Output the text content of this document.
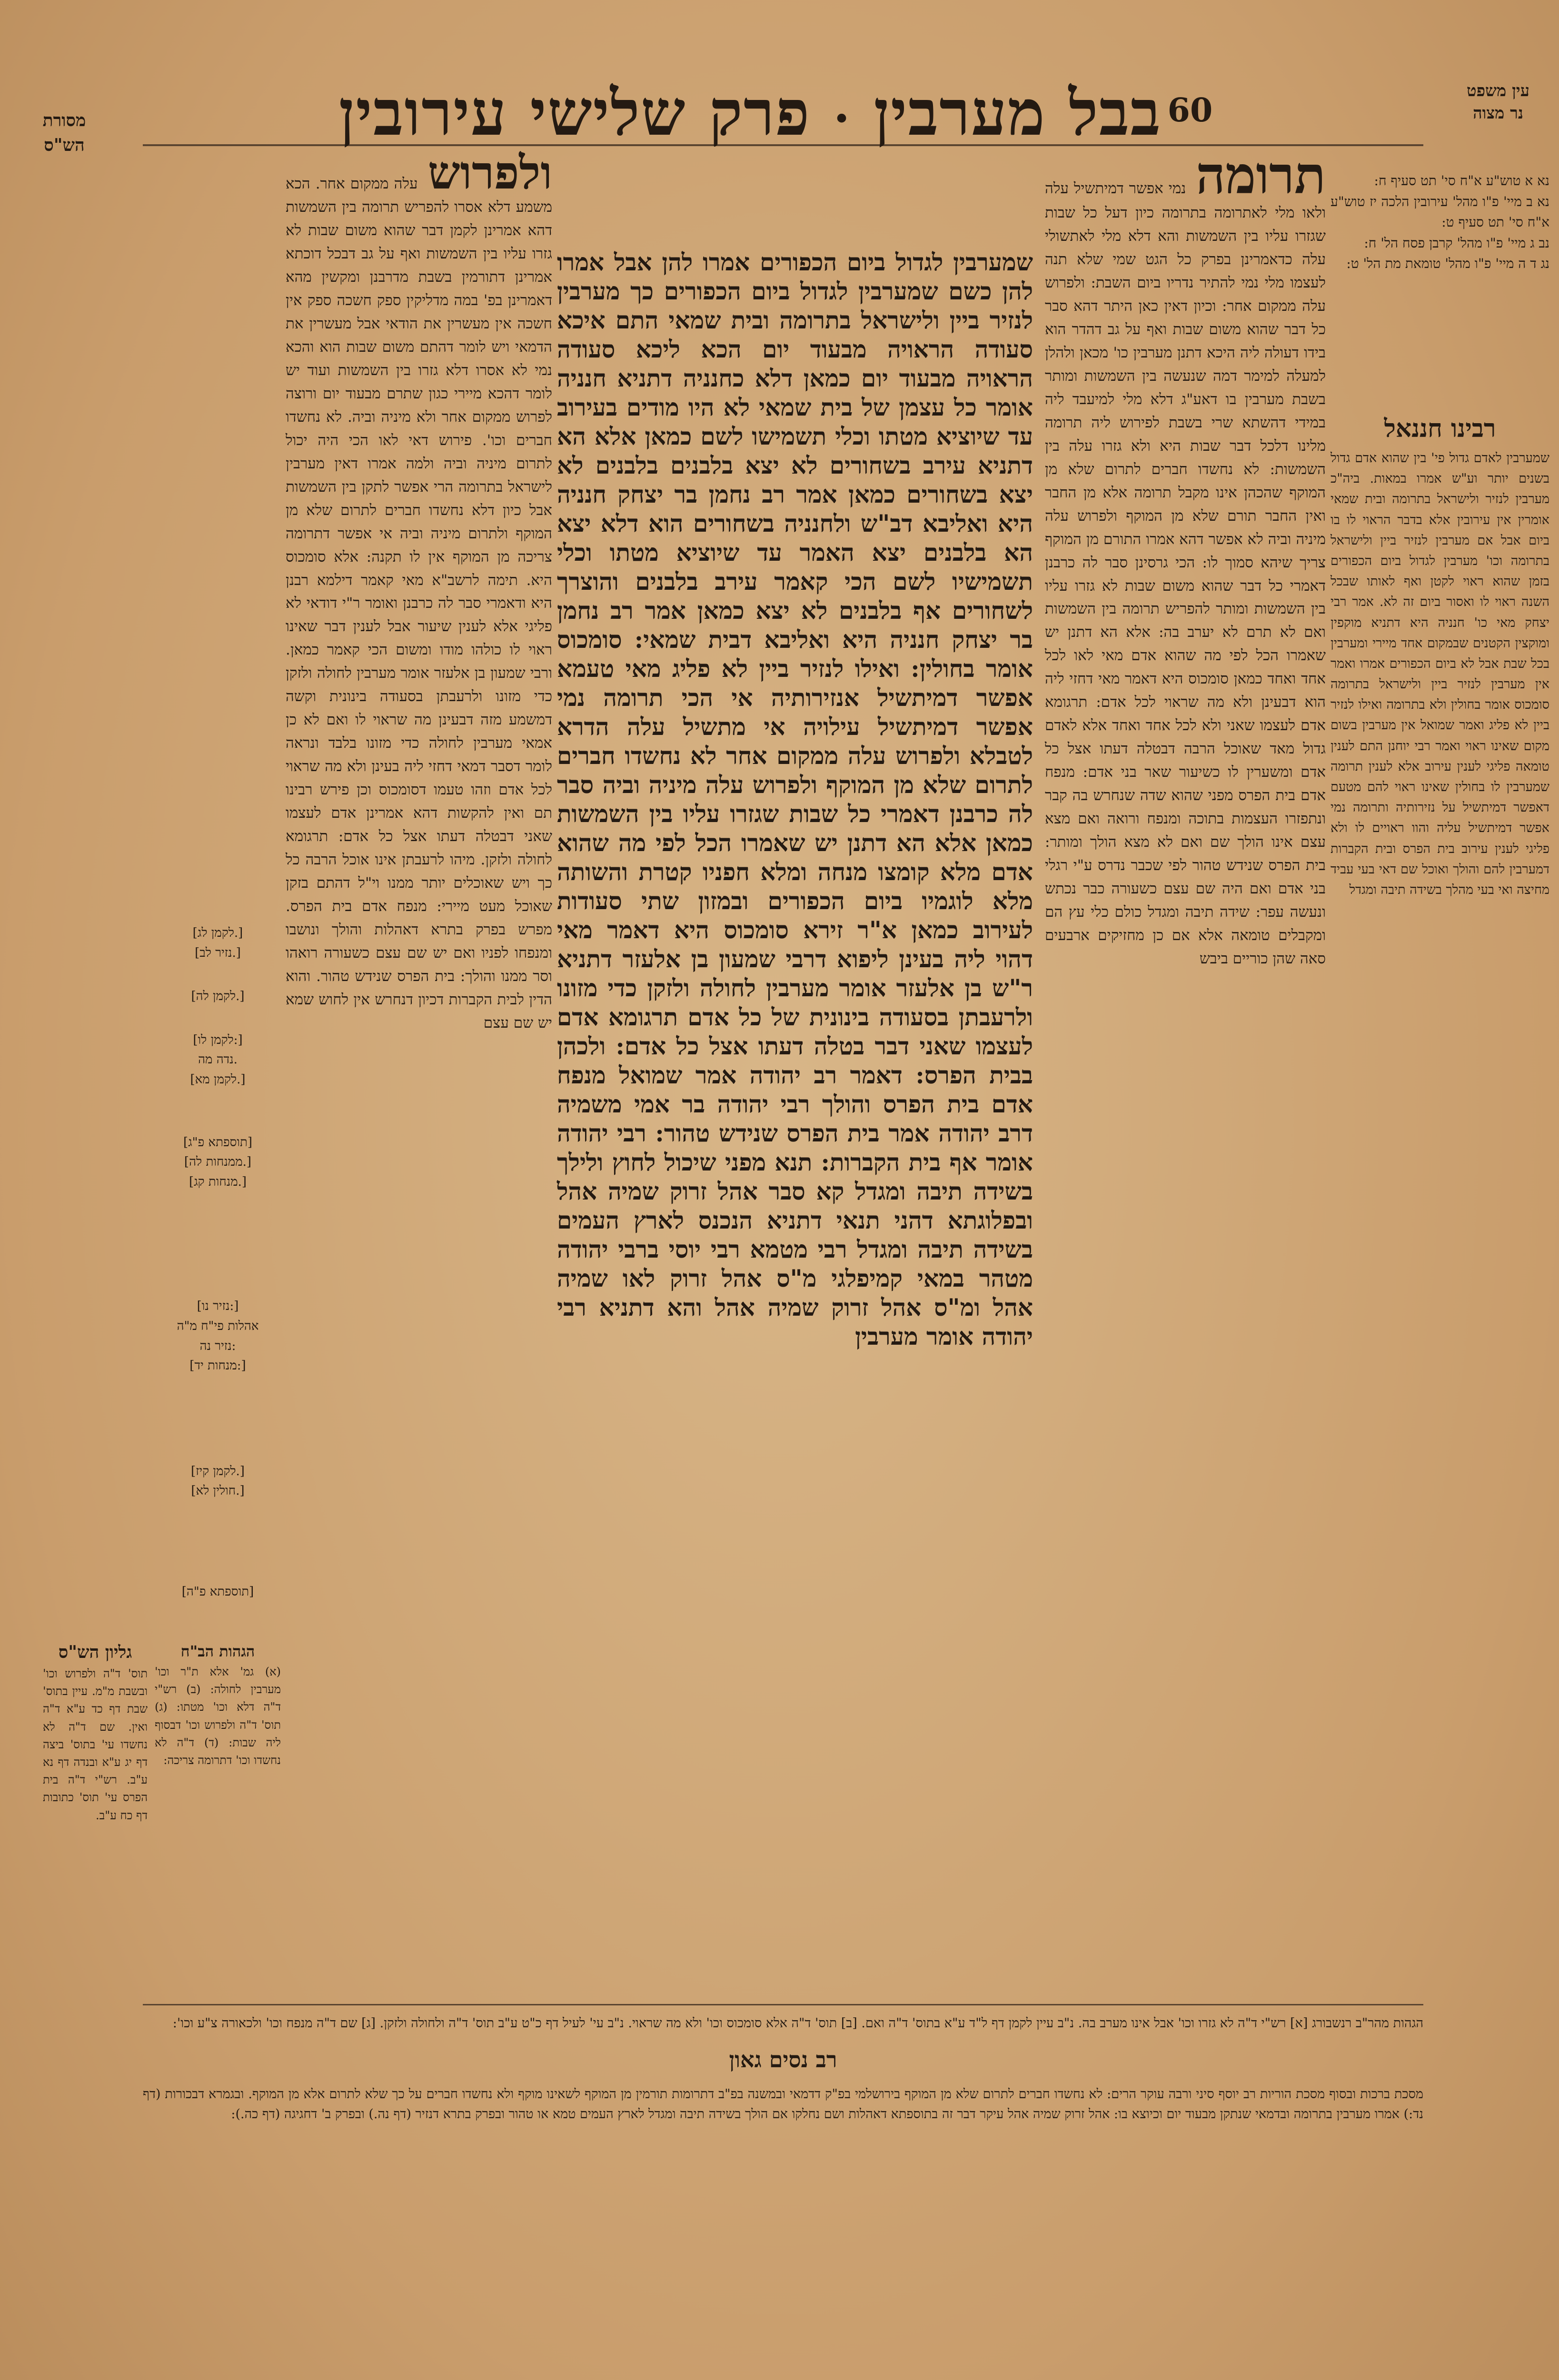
עין משפט
נר מצוה

60
בבל מערבין · פרק שלישי עירובין

מסורת
הש"ס

נא א טוש"ע א"ח סי' תט סעיף ח:
נא ב מיי' פ"ו מהל' עירובין הלכה יז טוש"ע א"ח סי' תט סעיף ט:
נב ג מיי' פ"ו מהל' קרבן פסח הל' ח:
נג ד ה מיי' פ"ו מהל' טומאת מת הל' ט:

רבינו חננאל
שמערבין לאדם גדול פי' בין שהוא אדם גדול בשנים יותר וע"ש אמרו במאות. ביה"כ מערבין לנזיר ולישראל בתרומה ובית שמאי אומרין אין עירובין אלא בדבר הראוי לו בו ביום אבל אם מערבין לנזיר ביין ולישראל בתרומה וכו' מערבין לגדול ביום הכפורים בזמן שהוא ראוי לקטן ואף לאותו שבכל השנה ראוי לו ואסור ביום זה לא. אמר רבי יצחק מאי כו' חנניה היא דתניא מוקפין ומוקצין הקטנים שבמקום אחד מיירי ומערבין בכל שבת אבל לא ביום הכפורים אמרו ואמר אין מערבין לנזיר ביין ולישראל בתרומה סומכוס אומר בחולין ולא בתרומה ואילו לנזיר ביין לא פליג ואמר שמואל אין מערבין בשום מקום שאינו ראוי ואמר רבי יוחנן התם לענין טומאה פליגי לענין עירוב אלא לענין תרומה שמערבין לו בחולין שאינו ראוי להם מטעם דאפשר דמיתשיל על נזירותיה ותרומה נמי אפשר דמיתשיל עליה והוו ראויים לו ולא פליגי לענין עירוב בית הפרס ובית הקברות דמערבין להם והולך ואוכל שם דאי בעי עביד מחיצה ואי בעי מהלך בשידה תיבה ומגדל
תרומה נמי אפשר דמיתשיל עלה ולאו מלי לאתרומה בתרומה כיון דעל כל שבות שגזרו עליו בין השמשות והא דלא מלי לאתשולי עלה כדאמרינן בפרק כל הגט שמי שלא תנה לעצמו מלי נמי להתיר נדריו ביום השבת: ולפרוש עלה ממקום אחר: וכיון דאין כאן היתר דהא סבר כל דבר שהוא משום שבות ואף על גב דהדר הוא בידו דעולה ליה היכא דתנן מערבין כו' מכאן ולהלן למעלה למימר דמה שנעשה בין השמשות ומותר בשבת מערבין בו דאע"ג דלא מלי למיעבד ליה במידי דהשתא שרי בשבת לפירוש ליה תרומה מלינו דלכל דבר שבות היא ולא גזרו עלה בין השמשות: לא נחשדו חברים לתרום שלא מן המוקף שהכהן אינו מקבל תרומה אלא מן החבר ואין החבר תורם שלא מן המוקף ולפרוש עלה מיניה וביה לא אפשר דהא אמרו התורם מן המוקף צריך שיהא סמוך לו: הכי גרסינן סבר לה כרבנן דאמרי כל דבר שהוא משום שבות לא גזרו עליו בין השמשות ומותר להפריש תרומה בין השמשות ואם לא תרם לא יערב בה: אלא הא דתנן יש שאמרו הכל לפי מה שהוא אדם מאי לאו לכל אחד ואחד כמאן סומכוס היא דאמר מאי דחזי ליה הוא דבעינן ולא מה שראוי לכל אדם: תרגומא אדם לעצמו שאני ולא לכל אחד ואחד אלא לאדם גדול מאד שאוכל הרבה דבטלה דעתו אצל כל אדם ומשערין לו כשיעור שאר בני אדם: מנפח אדם בית הפרס מפני שהוא שדה שנחרש בה קבר ונתפזרו העצמות בתוכה ומנפח ורואה ואם מצא עצם אינו הולך שם ואם לא מצא הולך ומותר: בית הפרס שנידש טהור לפי שכבר נדרס ע"י רגלי בני אדם ואם היה שם עצם כשעורה כבר נכתש ונעשה עפר: שידה תיבה ומגדל כולם כלי עץ הם ומקבלים טומאה אלא אם כן מחזיקים ארבעים סאה שהן כוריים ביבש
שמערבין לגדול ביום הכפורים אמרו להן אבל אמרו להן כשם שמערבין לגדול ביום הכפורים כך מערבין לנזיר ביין ולישראל בתרומה ובית שמאי התם איכא סעודה הראויה מבעוד יום הכא ליכא סעודה הראויה מבעוד יום כמאן דלא כחנניה דתניא חנניה אומר כל עצמן של בית שמאי לא היו מודים בעירוב עד שיוציא מטתו וכלי תשמישו לשם כמאן אלא הא דתניא עירב בשחורים לא יצא בלבנים בלבנים לא יצא בשחורים כמאן אמר רב נחמן בר יצחק חנניה היא ואליבא דב"ש ולחנניה בשחורים הוא דלא יצא הא בלבנים יצא האמר עד שיוציא מטתו וכלי תשמישיו לשם הכי קאמר עירב בלבנים והוצרך לשחורים אף בלבנים לא יצא כמאן אמר רב נחמן בר יצחק חנניה היא ואליבא דבית שמאי: סומכוס אומר בחולין: ואילו לנזיר ביין לא פליג מאי טעמא אפשר דמיתשיל אנזירותיה אי הכי תרומה נמי אפשר דמיתשיל עילויה אי מתשיל עלה הדרא לטבלא ולפרוש עלה ממקום אחר לא נחשדו חברים לתרום שלא מן המוקף ולפרוש עלה מיניה וביה סבר לה כרבנן דאמרי כל שבות שגזרו עליו בין השמשות כמאן אלא הא דתנן יש שאמרו הכל לפי מה שהוא אדם מלא קומצו מנחה ומלא חפניו קטרת והשותה מלא לוגמיו ביום הכפורים ובמזון שתי סעודות לעירוב כמאן א"ר זירא סומכוס היא דאמר מאי דהוי ליה בעינן ליפוא דרבי שמעון בן אלעזר דתניא ר"ש בן אלעזר אומר מערבין לחולה ולזקן כדי מזונו ולרעבתן בסעודה בינונית של כל אדם תרגומא אדם לעצמו שאני דבר בטלה דעתו אצל כל אדם: ולכהן בבית הפרס: דאמר רב יהודה אמר שמואל מנפח אדם בית הפרס והולך רבי יהודה בר אמי משמיה דרב יהודה אמר בית הפרס שנידש טהור: רבי יהודה אומר אף בית הקברות: תנא מפני שיכול לחוץ ולילך בשידה תיבה ומגדל קא סבר אהל זרוק שמיה אהל ובפלוגתא דהני תנאי דתניא הנכנס לארץ העמים בשידה תיבה ומגדל רבי מטמא רבי יוסי ברבי יהודה מטהר במאי קמיפלגי מ"ס אהל זרוק לאו שמיה אהל ומ"ס אהל זרוק שמיה אהל והא דתניא רבי יהודה אומר מערבין
ולפרוש עלה ממקום אחר. הכא משמע דלא אסרו להפריש תרומה בין השמשות דהא אמרינן לקמן דבר שהוא משום שבות לא גזרו עליו בין השמשות ואף על גב דבכל דוכתא אמרינן דתורמין בשבת מדרבנן ומקשין מהא דאמרינן בפ' במה מדליקין ספק חשכה ספק אין חשכה אין מעשרין את הודאי אבל מעשרין את הדמאי ויש לומר דהתם משום שבות הוא והכא נמי לא אסרו דלא גזרו בין השמשות ועוד יש לומר דהכא מיירי כגון שתרם מבעוד יום ורוצה לפרוש ממקום אחר ולא מיניה וביה. לא נחשדו חברים וכו'. פירוש דאי לאו הכי היה יכול לתרום מיניה וביה ולמה אמרו דאין מערבין לישראל בתרומה הרי אפשר לתקן בין השמשות אבל כיון דלא נחשדו חברים לתרום שלא מן המוקף ולתרום מיניה וביה אי אפשר דתרומה צריכה מן המוקף אין לו תקנה: אלא סומכוס היא. תימה לרשב"א מאי קאמר דילמא רבנן היא ודאמרי סבר לה כרבנן ואומר ר"י דודאי לא פליגי אלא לענין שיעור אבל לענין דבר שאינו ראוי לו כולהו מודו ומשום הכי קאמר כמאן. ורבי שמעון בן אלעזר אומר מערבין לחולה ולזקן כדי מזונו ולרעבתן בסעודה בינונית וקשה דמשמע מזה דבעינן מה שראוי לו ואם לא כן אמאי מערבין לחולה כדי מזונו בלבד ונראה לומר דסבר דמאי דחזי ליה בעינן ולא מה שראוי לכל אדם וזהו טעמו דסומכוס וכן פירש רבינו תם ואין להקשות דהא אמרינן אדם לעצמו שאני דבטלה דעתו אצל כל אדם: תרגומא לחולה ולזקן. מיהו לרעבתן אינו אוכל הרבה כל כך ויש שאוכלים יותר ממנו וי"ל דהתם בזקן שאוכל מעט מיירי: מנפח אדם בית הפרס. מפרש בפרק בתרא דאהלות והולך ונושבו ומנפחו לפניו ואם יש שם עצם כשעורה רואהו וסר ממנו והולך: בית הפרס שנידש טהור. והוא הדין לבית הקברות דכיון דנחרש אין לחוש שמא יש שם עצם
[לקמן לג.]
[נזיר לב.]
[לקמן לה.]
[לקמן לו:]
נדה מה.
[לקמן מא.]
[תוספתא פ"ג]
[ממנחות לה.]
[מנחות קג.]
[נזיר נו:]
אהלות פי"ח מ"ה
נזיר נה:
[מנחות יד:]
[לקמן קיז.]
[חולין לא.]
[תוספתא פ"ה]
גליון הש"ס
תוס' ד"ה ולפרוש וכו' ובשבת מ"מ. עיין בתוס' שבת דף כד ע"א ד"ה ואין. שם ד"ה לא נחשדו עי' בתוס' ביצה דף יג ע"א ובנדה דף נא ע"ב. רש"י ד"ה בית הפרס עי' תוס' כתובות דף כח ע"ב.
הגהות הב"ח
(א) גמ' אלא ת"ר וכו' מערבין לחולה: (ב) רש"י ד"ה דלא וכו' מטתו: (ג) תוס' ד"ה ולפרוש וכו' דבסוף ליה שבות: (ד) ד"ה לא נחשדו וכו' דתרומה צריכה:
הגהות מהר"ב רנשבורג [א] רש"י ד"ה לא גזרו וכו' אבל אינו מערב בה. נ"ב עיין לקמן דף ל"ד ע"א בתוס' ד"ה ואם. [ב] תוס' ד"ה אלא סומכוס וכו' ולא מה שראוי. נ"ב עי' לעיל דף כ"ט ע"ב תוס' ד"ה ולחולה ולזקן. [ג] שם ד"ה מנפח וכו' ולכאורה צ"ע וכו':
רב נסים גאון
מסכת ברכות ובסוף מסכת הוריות רב יוסף סיני ורבה עוקר הרים: לא נחשדו חברים לתרום שלא מן המוקף בירושלמי בפ"ק דדמאי ובמשנה בפ"ב דתרומות תורמין מן המוקף לשאינו מוקף ולא נחשדו חברים על כך שלא לתרום אלא מן המוקף. ובגמרא דבכורות (דף נד:) אמרו מערבין בתרומה ובדמאי שנתקן מבעוד יום וכיוצא בו: אהל זרוק שמיה אהל עיקר דבר זה בתוספתא דאהלות ושם נחלקו אם הולך בשידה תיבה ומגדל לארץ העמים טמא או טהור ובפרק בתרא דנזיר (דף נה.) ובפרק ב' דחגיגה (דף כה.):
